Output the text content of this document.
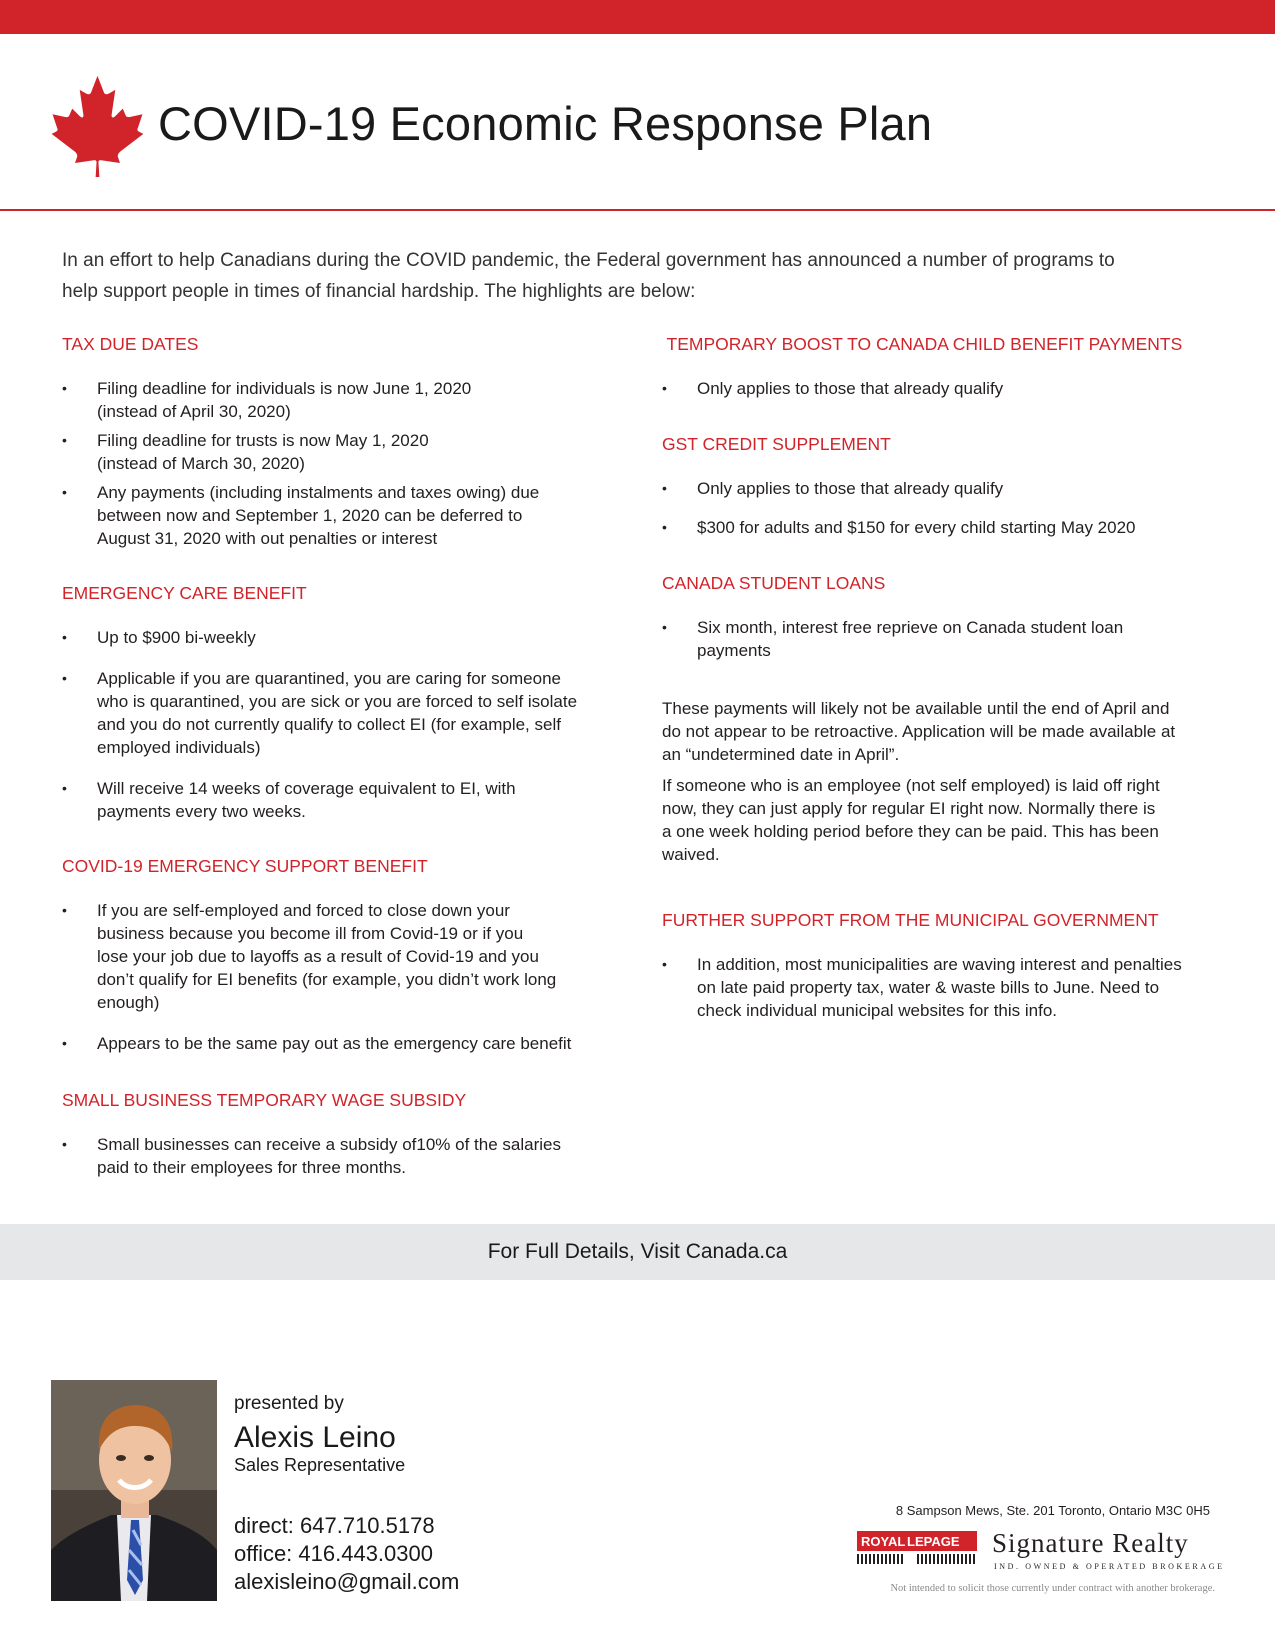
COVID-19 Economic Response Plan

In an effort to help Canadians during the COVID pandemic, the Federal government has announced a number of programs to

help support people in times of financial hardship. The highlights are below:

TAX DUE DATES
• Filing deadline for individuals is now June 1, 2020
(instead of April 30, 2020)
• Filing deadline for trusts is now May 1, 2020
(instead of March 30, 2020)
• Any payments (including instalments and taxes owing) due
between now and September 1, 2020 can be deferred to
August 31, 2020 with out penalties or interest
EMERGENCY CARE BENEFIT
• Up to $900 bi-weekly
• Applicable if you are quarantined, you are caring for someone
who is quarantined, you are sick or you are forced to self isolate
and you do not currently qualify to collect EI (for example, self
employed individuals)
• Will receive 14 weeks of coverage equivalent to EI, with
payments every two weeks.
COVID-19 EMERGENCY SUPPORT BENEFIT
• If you are self-employed and forced to close down your
business because you become ill from Covid-19 or if you
lose your job due to layoffs as a result of Covid-19 and you
don’t qualify for EI benefits (for example, you didn’t work long
enough)
• Appears to be the same pay out as the emergency care benefit
SMALL BUSINESS TEMPORARY WAGE SUBSIDY
• Small businesses can receive a subsidy of10% of the salaries
paid to their employees for three months.
TEMPORARY BOOST TO CANADA CHILD BENEFIT PAYMENTS
• Only applies to those that already qualify
GST CREDIT SUPPLEMENT
• Only applies to those that already qualify
• $300 for adults and $150 for every child starting May 2020
CANADA STUDENT LOANS
• Six month, interest free reprieve on Canada student loan
payments

These payments will likely not be available until the end of April and

do not appear to be retroactive. Application will be made available at

an “undetermined date in April”.

If someone who is an employee (not self employed) is laid off right

now, they can just apply for regular EI right now. Normally there is

a one week holding period before they can be paid. This has been

waived.

FURTHER SUPPORT FROM THE MUNICIPAL GOVERNMENT
• In addition, most municipalities are waving interest and penalties
on late paid property tax, water & waste bills to June. Need to
check individual municipal websites for this info.
For Full Details, Visit Canada.ca
presented by
Alexis Leino
Sales Representative
direct: 647.710.5178
office: 416.443.0300
alexisleino@gmail.com
8 Sampson Mews, Ste. 201 Toronto, Ontario M3C 0H5
ROYAL LEPAGE Signature Realty
IND. OWNED & OPERATED BROKERAGE
Not intended to solicit those currently under contract with another brokerage.
